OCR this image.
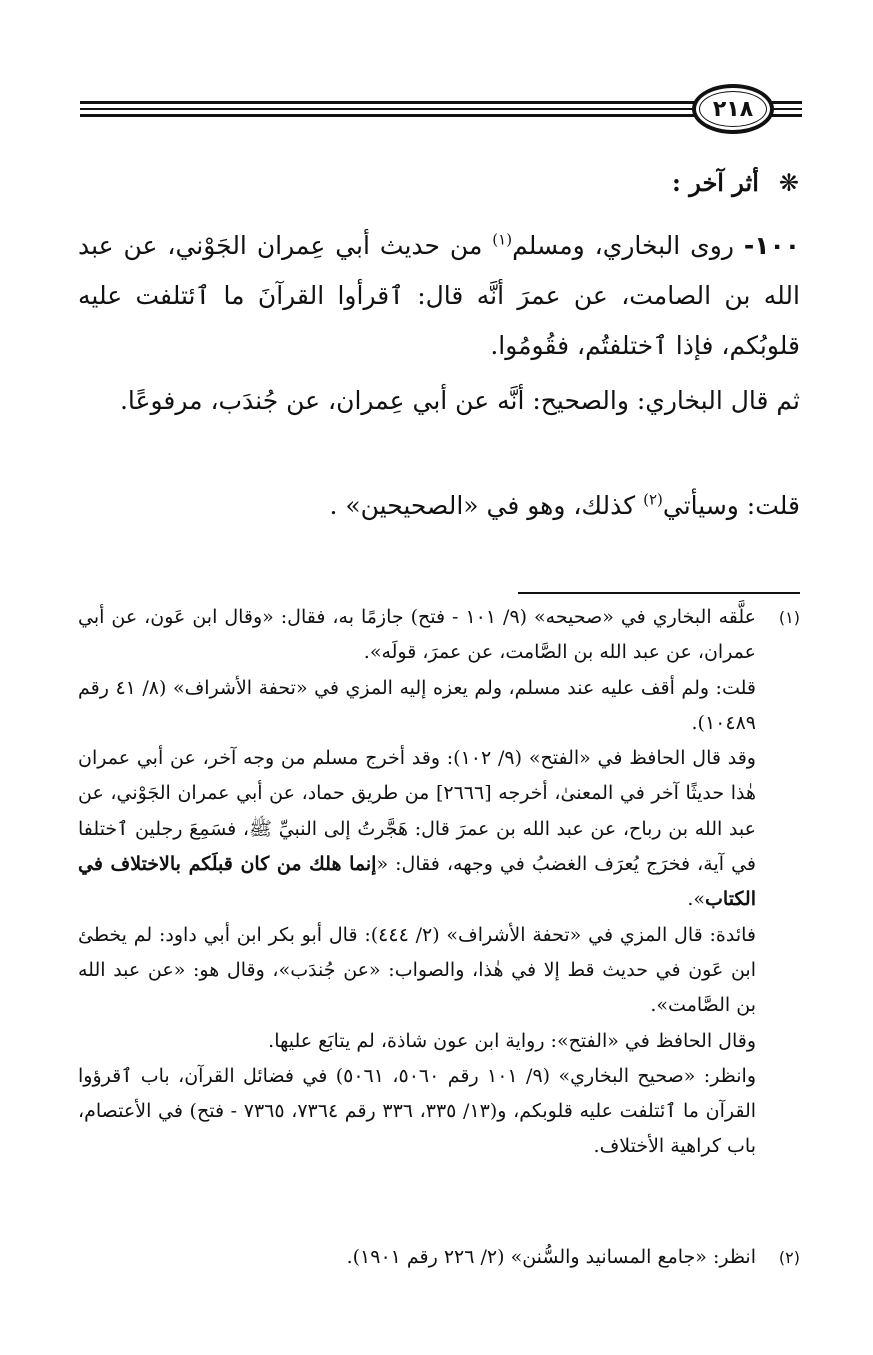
٢١٨
❋
أثر آخر :
١٠٠- روى البخاري، ومسلم$^{(١)}$ من حديث أبي عِمران الجَوْني، عن عبد الله بن الصامت، عن عمرَ أنَّه قال: ٱقرأوا القرآنَ ما ٱئتلفت عليه قلوبُكم، فإذا ٱختلفتُم، فقُومُوا.
ثم قال البخاري: والصحيح: أنَّه عن أبي عِمران، عن جُندَب، مرفوعًا.
قلت: وسيأتي$^{(٢)}$ كذلك، وهو في «الصحيحين» .
(١)

علَّقه البخاري في «صحيحه» (٩/ ١٠١ - فتح) جازمًا به، فقال: «وقال ابن عَون، عن أبي عمران، عن عبد الله بن الصَّامت، عن عمرَ، قولَه».

قلت: ولم أقف عليه عند مسلم، ولم يعزه إليه المزي في «تحفة الأشراف» (٨/ ٤١ رقم ١٠٤٨٩).

وقد قال الحافظ في «الفتح» (٩/ ١٠٢): وقد أخرج مسلم من وجه آخر، عن أبي عمران هٰذا حديثًا آخر في المعنىٰ، أخرجه [٢٦٦٦] من طريق حماد، عن أبي عمران الجَوْني، عن عبد الله بن رباح، عن عبد الله بن عمرَ قال: هَجَّرتُ إلى النبيِّ ﷺ، فسَمِعَ رجلين ٱختلفا في آية، فخرَج يُعرَف الغضبُ في وجهه، فقال: «إنما هلك من كان قبلَكم بالاختلاف في الكتاب».

فائدة: قال المزي في «تحفة الأشراف» (٢/ ٤٤٤): قال أبو بكر ابن أبي داود: لم يخطئ ابن عَون في حديث قط إلا في هٰذا، والصواب: «عن جُندَب»، وقال هو: «عن عبد الله بن الصَّامت».

وقال الحافظ في «الفتح»: رواية ابن عون شاذة، لم يتابَع عليها.

وانظر: «صحيح البخاري» (٩/ ١٠١ رقم ٥٠٦٠، ٥٠٦١) في فضائل القرآن، باب ٱقرؤوا القرآن ما ٱئتلفت عليه قلوبكم، و(١٣/ ٣٣٥، ٣٣٦ رقم ٧٣٦٤، ٧٣٦٥ - فتح) في الأعتصام، باب كراهية الأختلاف.

(٢)

انظر: «جامع المسانيد والسُّنن» (٢/ ٢٢٦ رقم ١٩٠١).
